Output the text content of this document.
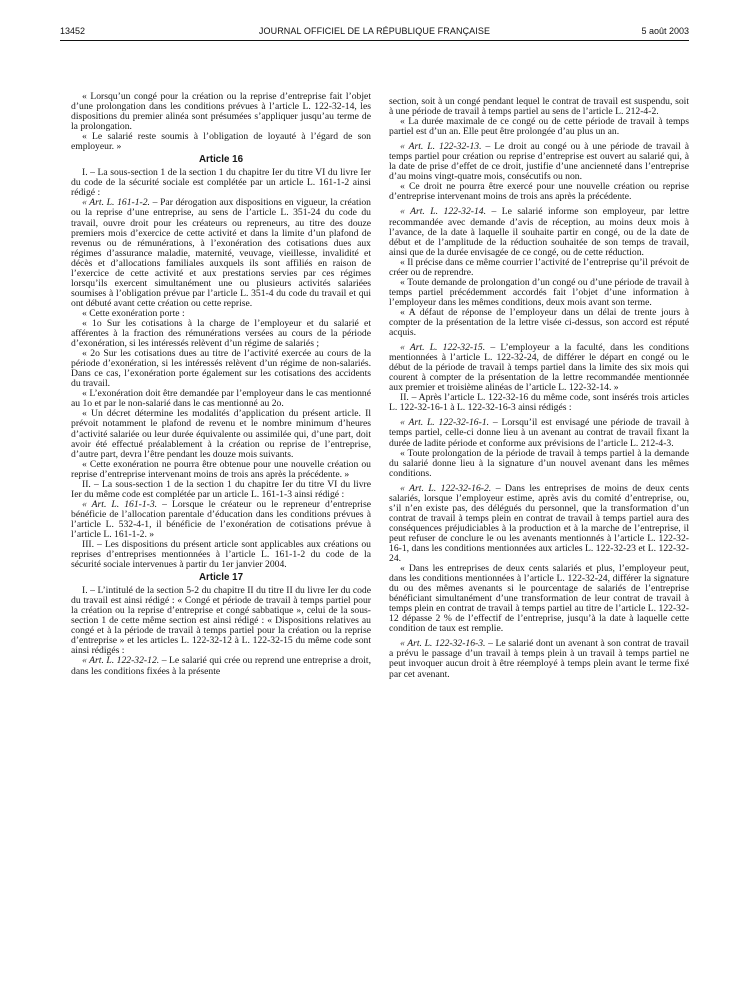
13452	JOURNAL OFFICIEL DE LA RÉPUBLIQUE FRANÇAISE	5 août 2003

« Lorsqu’un congé pour la création ou la reprise d’entreprise fait l’objet d’une prolongation dans les conditions prévues à l’article L. 122-32-14, les dispositions du premier alinéa sont présumées s’appliquer jusqu’au terme de la prolongation.

« Le salarié reste soumis à l’obligation de loyauté à l’égard de son employeur. »

Article 16

I. – La sous-section 1 de la section 1 du chapitre Ier du titre VI du livre Ier du code de la sécurité sociale est complétée par un article L. 161-1-2 ainsi rédigé :

« Art. L. 161-1-2. – Par dérogation aux dispositions en vigueur, la création ou la reprise d’une entreprise, au sens de l’article L. 351-24 du code du travail, ouvre droit pour les créateurs ou repreneurs, au titre des douze premiers mois d’exercice de cette activité et dans la limite d’un plafond de revenus ou de rémunérations, à l’exonération des cotisations dues aux régimes d’assurance maladie, maternité, veuvage, vieillesse, invalidité et décès et d’allocations familiales auxquels ils sont affiliés en raison de l’exercice de cette activité et aux prestations servies par ces régimes lorsqu’ils exercent simultanément une ou plusieurs activités salariées soumises à l’obligation prévue par l’article L. 351-4 du code du travail et qui ont débuté avant cette création ou cette reprise.

« Cette exonération porte :

« 1o Sur les cotisations à la charge de l’employeur et du salarié et afférentes à la fraction des rémunérations versées au cours de la période d’exonération, si les intéressés relèvent d’un régime de salariés ;

« 2o Sur les cotisations dues au titre de l’activité exercée au cours de la période d’exonération, si les intéressés relèvent d’un régime de non-salariés. Dans ce cas, l’exonération porte également sur les cotisations des accidents du travail.

« L’exonération doit être demandée par l’employeur dans le cas mentionné au 1o et par le non-salarié dans le cas mentionné au 2o.

« Un décret détermine les modalités d’application du présent article. Il prévoit notamment le plafond de revenu et le nombre minimum d’heures d’activité salariée ou leur durée équivalente ou assimilée qui, d’une part, doit avoir été effectué préalablement à la création ou reprise de l’entreprise, d’autre part, devra l’être pendant les douze mois suivants.

« Cette exonération ne pourra être obtenue pour une nouvelle création ou reprise d’entreprise intervenant moins de trois ans après la précédente. »

II. – La sous-section 1 de la section 1 du chapitre Ier du titre VI du livre Ier du même code est complétée par un article L. 161-1-3 ainsi rédigé :

« Art. L. 161-1-3. – Lorsque le créateur ou le repreneur d’entreprise bénéficie de l’allocation parentale d’éducation dans les conditions prévues à l’article L. 532-4-1, il bénéficie de l’exonération de cotisations prévue à l’article L. 161-1-2. »

III. – Les dispositions du présent article sont applicables aux créations ou reprises d’entreprises mentionnées à l’article L. 161-1-2 du code de la sécurité sociale intervenues à partir du 1er janvier 2004.

Article 17

I. – L’intitulé de la section 5-2 du chapitre II du titre II du livre Ier du code du travail est ainsi rédigé : « Congé et période de travail à temps partiel pour la création ou la reprise d’entreprise et congé sabbatique », celui de la sous-section 1 de cette même section est ainsi rédigé : « Dispositions relatives au congé et à la période de travail à temps partiel pour la création ou la reprise d’entreprise » et les articles L. 122-32-12 à L. 122-32-15 du même code sont ainsi rédigés :

« Art. L. 122-32-12. – Le salarié qui crée ou reprend une entreprise a droit, dans les conditions fixées à la présente

section, soit à un congé pendant lequel le contrat de travail est suspendu, soit à une période de travail à temps partiel au sens de l’article L. 212-4-2.

« La durée maximale de ce congé ou de cette période de travail à temps partiel est d’un an. Elle peut être prolongée d’au plus un an.

« Art. L. 122-32-13. – Le droit au congé ou à une période de travail à temps partiel pour création ou reprise d’entreprise est ouvert au salarié qui, à la date de prise d’effet de ce droit, justifie d’une ancienneté dans l’entreprise d’au moins vingt-quatre mois, consécutifs ou non.

« Ce droit ne pourra être exercé pour une nouvelle création ou reprise d’entreprise intervenant moins de trois ans après la précédente.

« Art. L. 122-32-14. – Le salarié informe son employeur, par lettre recommandée avec demande d’avis de réception, au moins deux mois à l’avance, de la date à laquelle il souhaite partir en congé, ou de la date de début et de l’amplitude de la réduction souhaitée de son temps de travail, ainsi que de la durée envisagée de ce congé, ou de cette réduction.

« Il précise dans ce même courrier l’activité de l’entreprise qu’il prévoit de créer ou de reprendre.

« Toute demande de prolongation d’un congé ou d’une période de travail à temps partiel précédemment accordés fait l’objet d’une information à l’employeur dans les mêmes conditions, deux mois avant son terme.

« A défaut de réponse de l’employeur dans un délai de trente jours à compter de la présentation de la lettre visée ci-dessus, son accord est réputé acquis.

« Art. L. 122-32-15. – L’employeur a la faculté, dans les conditions mentionnées à l’article L. 122-32-24, de différer le départ en congé ou le début de la période de travail à temps partiel dans la limite des six mois qui courent à compter de la présentation de la lettre recommandée mentionnée aux premier et troisième alinéas de l’article L. 122-32-14. »

II. – Après l’article L. 122-32-16 du même code, sont insérés trois articles L. 122-32-16-1 à L. 122-32-16-3 ainsi rédigés :

« Art. L. 122-32-16-1. – Lorsqu’il est envisagé une période de travail à temps partiel, celle-ci donne lieu à un avenant au contrat de travail fixant la durée de ladite période et conforme aux prévisions de l’article L. 212-4-3.

« Toute prolongation de la période de travail à temps partiel à la demande du salarié donne lieu à la signature d’un nouvel avenant dans les mêmes conditions.

« Art. L. 122-32-16-2. – Dans les entreprises de moins de deux cents salariés, lorsque l’employeur estime, après avis du comité d’entreprise, ou, s’il n’en existe pas, des délégués du personnel, que la transformation d’un contrat de travail à temps plein en contrat de travail à temps partiel aura des conséquences préjudiciables à la production et à la marche de l’entreprise, il peut refuser de conclure le ou les avenants mentionnés à l’article L. 122-32-16-1, dans les conditions mentionnées aux articles L. 122-32-23 et L. 122-32-24.

« Dans les entreprises de deux cents salariés et plus, l’employeur peut, dans les conditions mentionnées à l’article L. 122-32-24, différer la signature du ou des mêmes avenants si le pourcentage de salariés de l’entreprise bénéficiant simultanément d’une transformation de leur contrat de travail à temps plein en contrat de travail à temps partiel au titre de l’article L. 122-32-12 dépasse 2 % de l’effectif de l’entreprise, jusqu’à la date à laquelle cette condition de taux est remplie.

« Art. L. 122-32-16-3. – Le salarié dont un avenant à son contrat de travail a prévu le passage d’un travail à temps plein à un travail à temps partiel ne peut invoquer aucun droit à être réemployé à temps plein avant le terme fixé par cet avenant.
